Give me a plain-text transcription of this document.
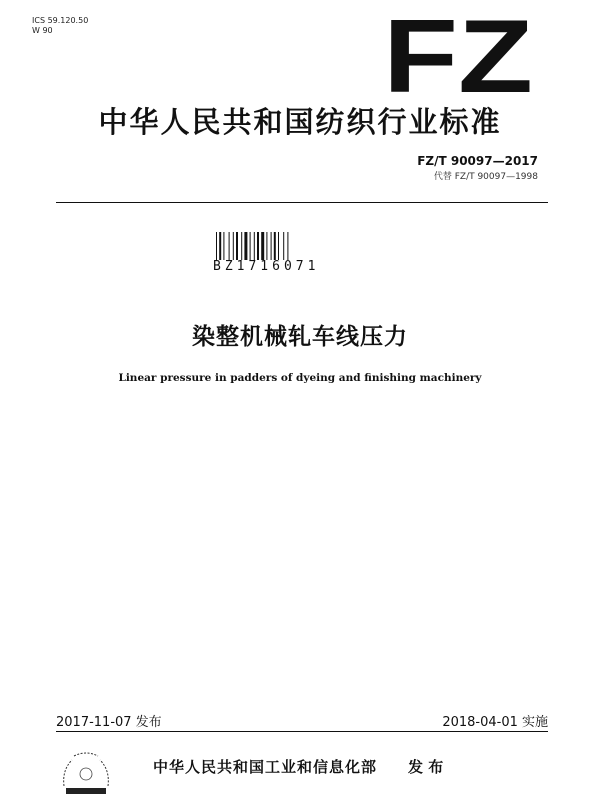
ICS 59.120.50
W 90	FZ
中华人民共和国纺织行业标准
FZ/T 90097—2017
代替 FZ/T 90097—1998
BZ1716071
染整机械轧车线压力
Linear pressure in padders of dyeing and finishing machinery
2017-11-07 发布	2018-04-01 实施
中华人民共和国工业和信息化部 发 布
